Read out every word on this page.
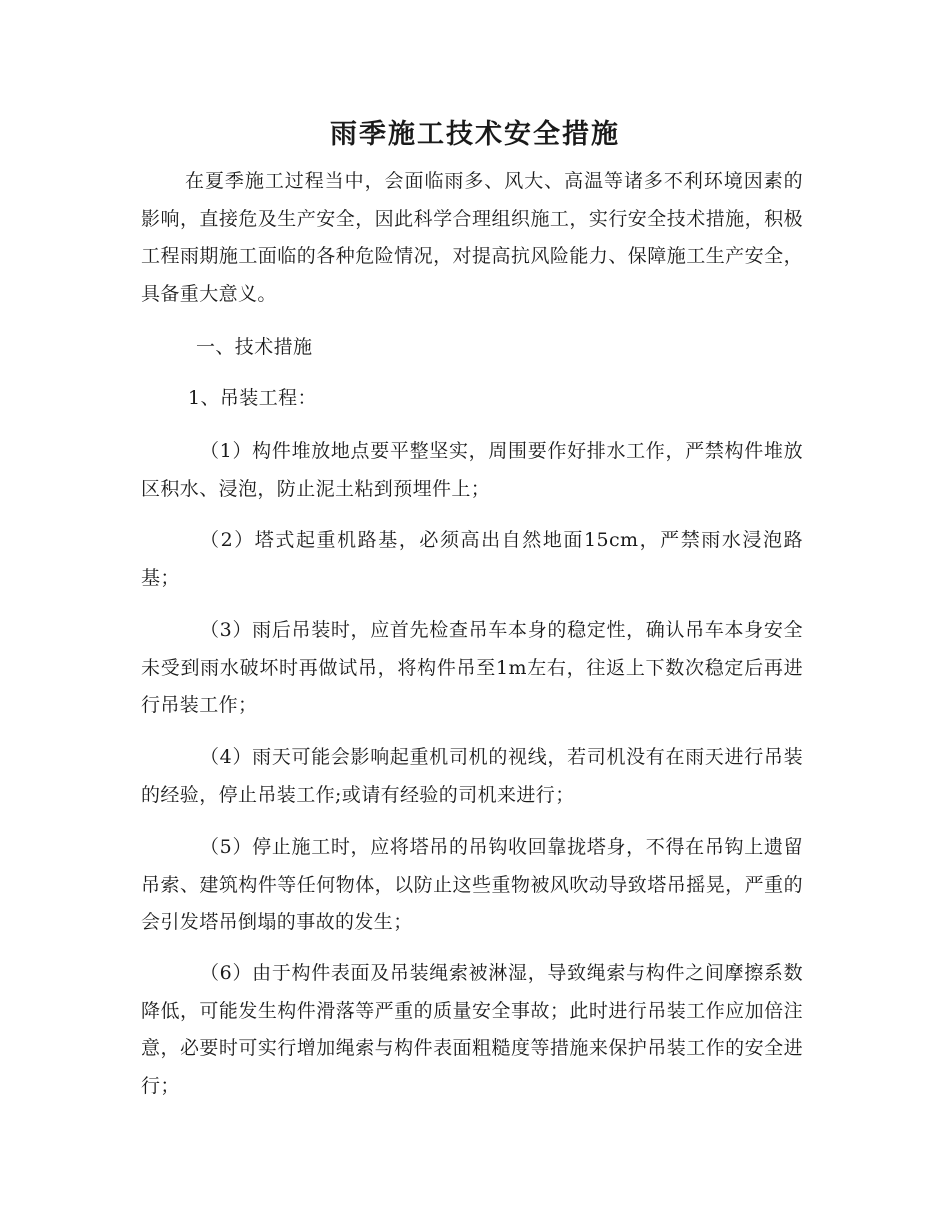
雨季施工技术安全措施

在夏季施工过程当中，会面临雨多、风大、高温等诸多不利环境因素的影响，直接危及生产安全，因此科学合理组织施工，实行安全技术措施，积极工程雨期施工面临的各种危险情况，对提高抗风险能力、保障施工生产安全，具备重大意义。

一、技术措施

1、吊装工程：

（1）构件堆放地点要平整坚实，周围要作好排水工作，严禁构件堆放区积水、浸泡，防止泥土粘到预埋件上；

（2）塔式起重机路基，必须高出自然地面15cm，严禁雨水浸泡路基；

（3）雨后吊装时，应首先检查吊车本身的稳定性，确认吊车本身安全未受到雨水破坏时再做试吊，将构件吊至1m左右，往返上下数次稳定后再进行吊装工作；

（4）雨天可能会影响起重机司机的视线，若司机没有在雨天进行吊装的经验，停止吊装工作;或请有经验的司机来进行；

（5）停止施工时，应将塔吊的吊钩收回靠拢塔身，不得在吊钩上遗留吊索、建筑构件等任何物体，以防止这些重物被风吹动导致塔吊摇晃，严重的会引发塔吊倒塌的事故的发生；

（6）由于构件表面及吊装绳索被淋湿，导致绳索与构件之间摩擦系数降低，可能发生构件滑落等严重的质量安全事故；此时进行吊装工作应加倍注意，必要时可实行增加绳索与构件表面粗糙度等措施来保护吊装工作的安全进行；
